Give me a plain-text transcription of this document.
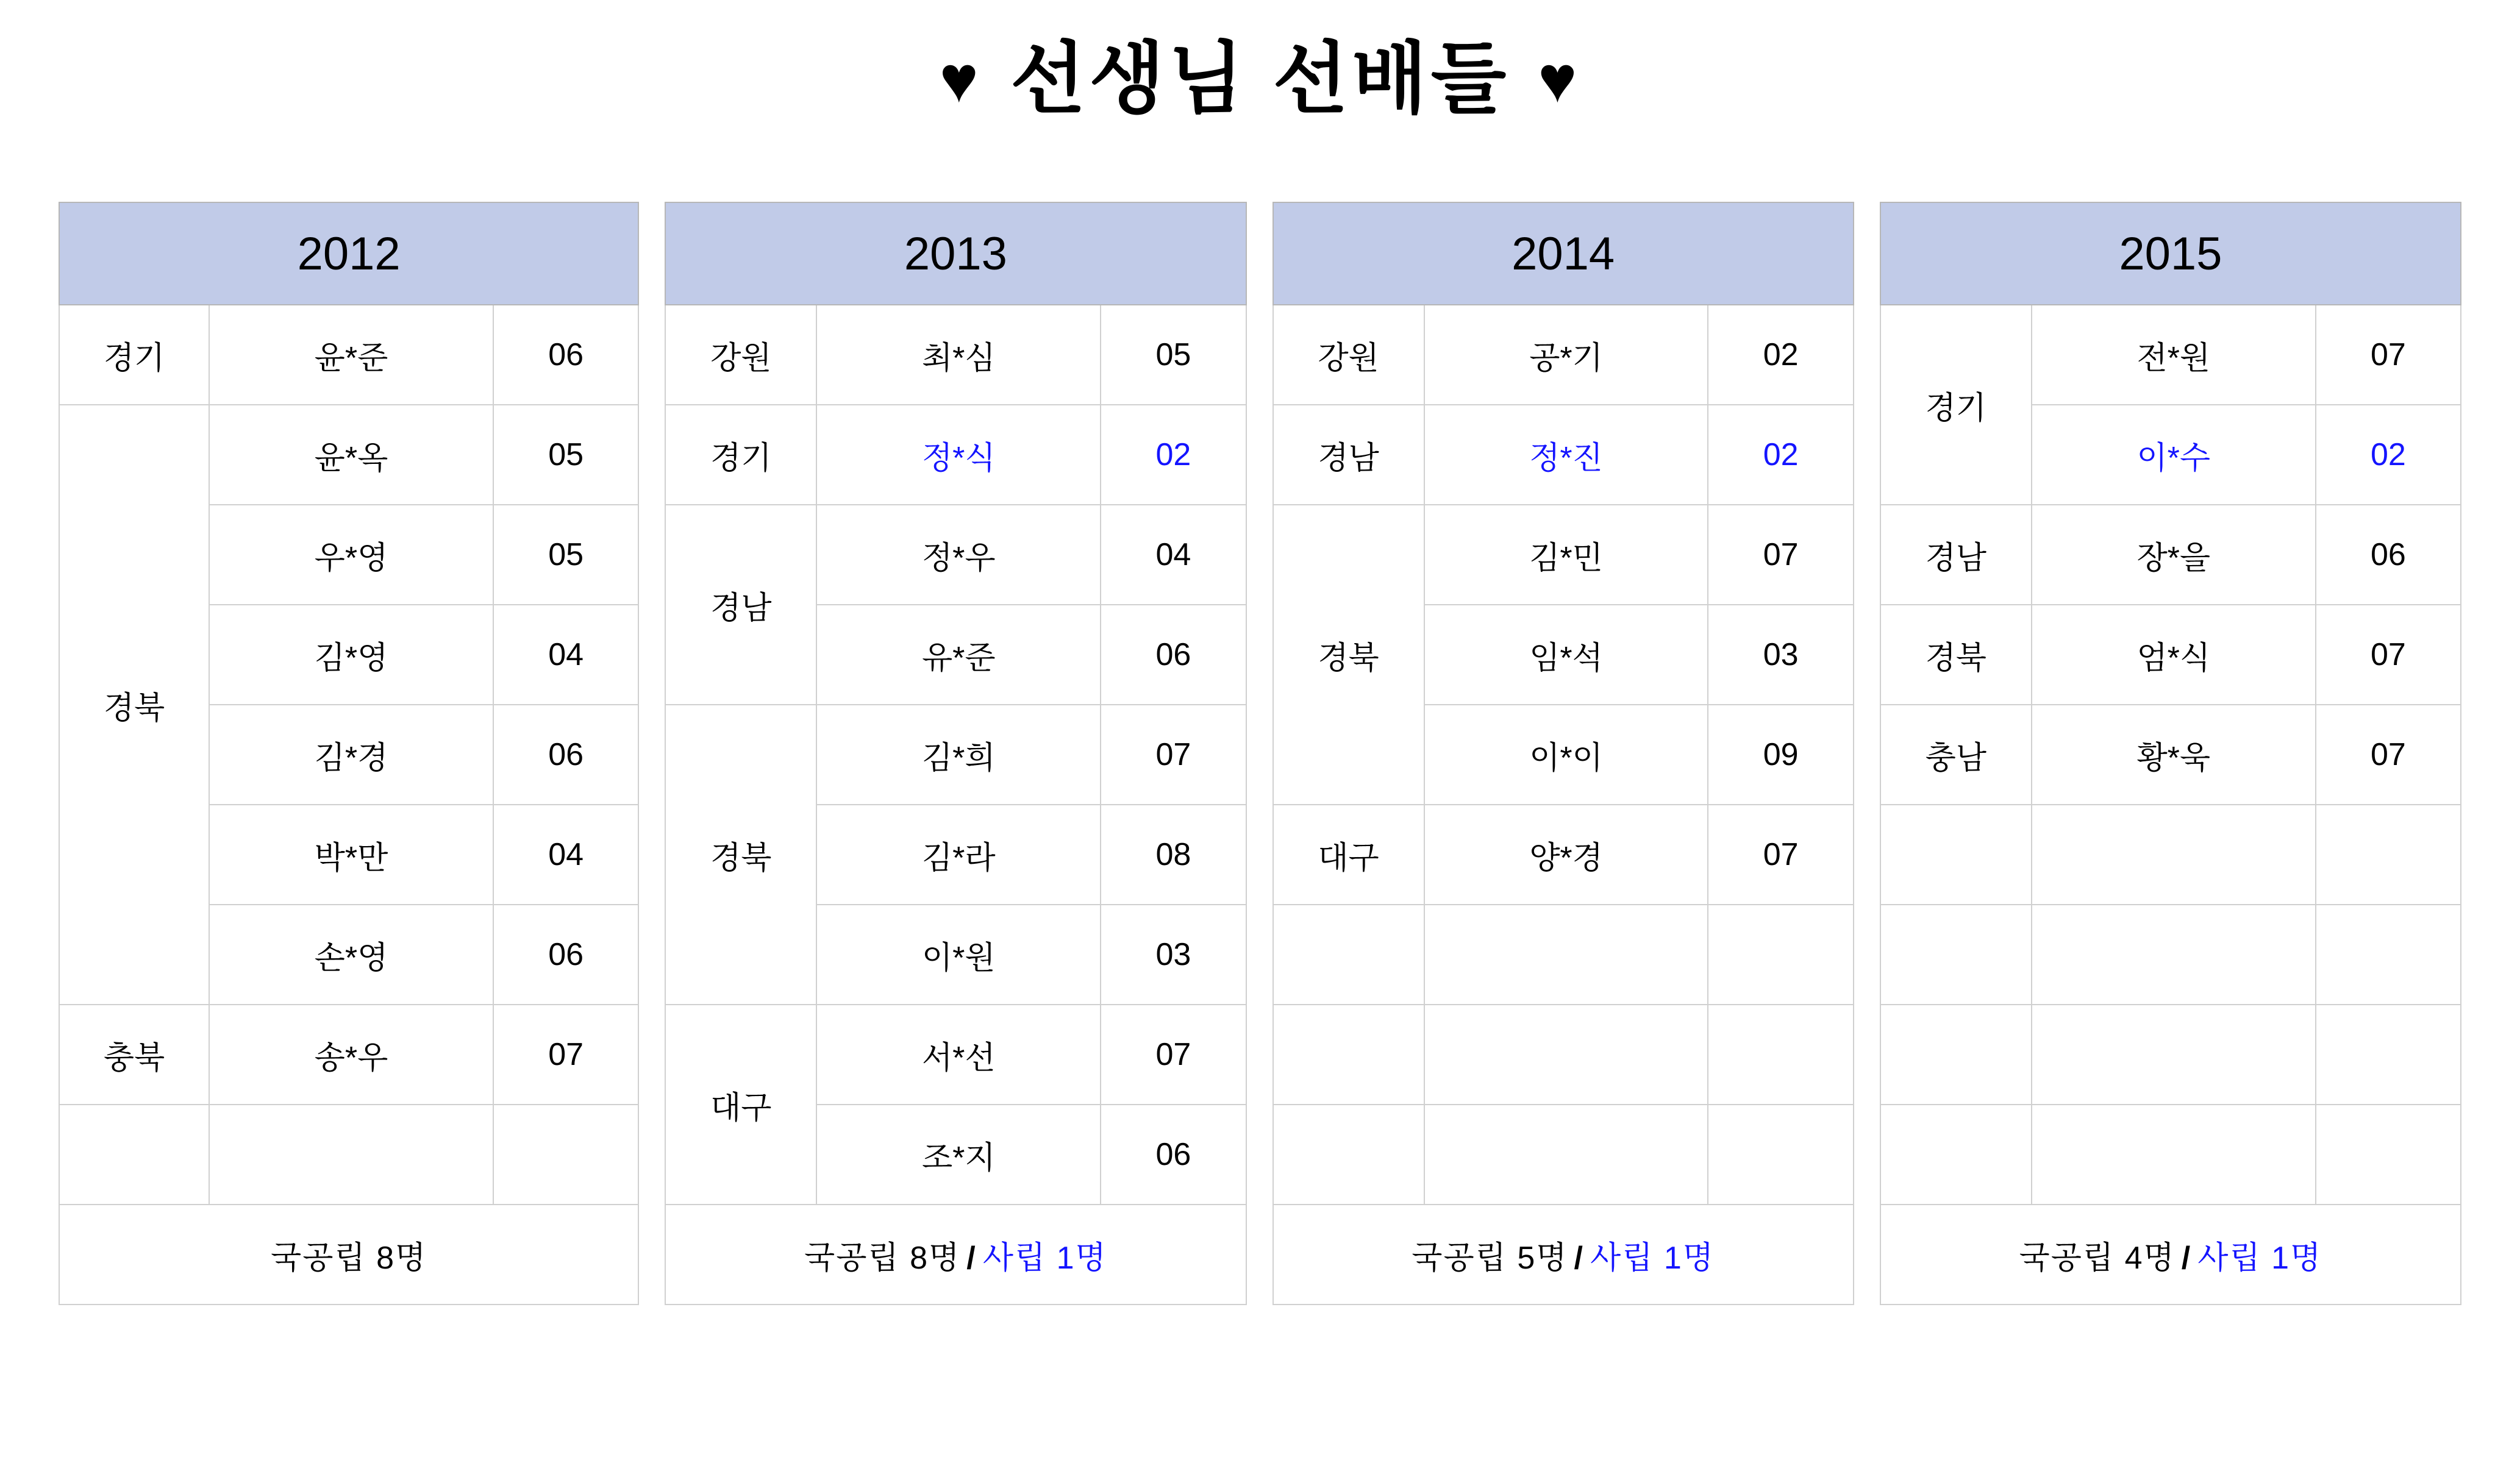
♥ 선생님 선배들 ♥
2012		
경기	윤*준	06
경북	윤*옥	05
	우*영	05
	김*영	04
	김*경	06
	박*만	04
	손*영	06
충북	송*우	07

국공립 8명		
2013		
강원	최*심	05
경기	정*식	02
경남	정*우	04
	유*준	06
경북	김*희	07
	김*라	08
	이*원	03
대구	서*선	07
	조*지	06
국공립 8명 / 사립 1명		
2014		
강원	공*기	02
경남	정*진	02
경북	김*민	07
	임*석	03
	이*이	09
대구	양*경	07

국공립 5명 / 사립 1명		
2015		
경기	전*원	07
	이*수	02
경남	장*을	06
경북	엄*식	07
충남	황*욱	07

국공립 4명 / 사립 1명		
